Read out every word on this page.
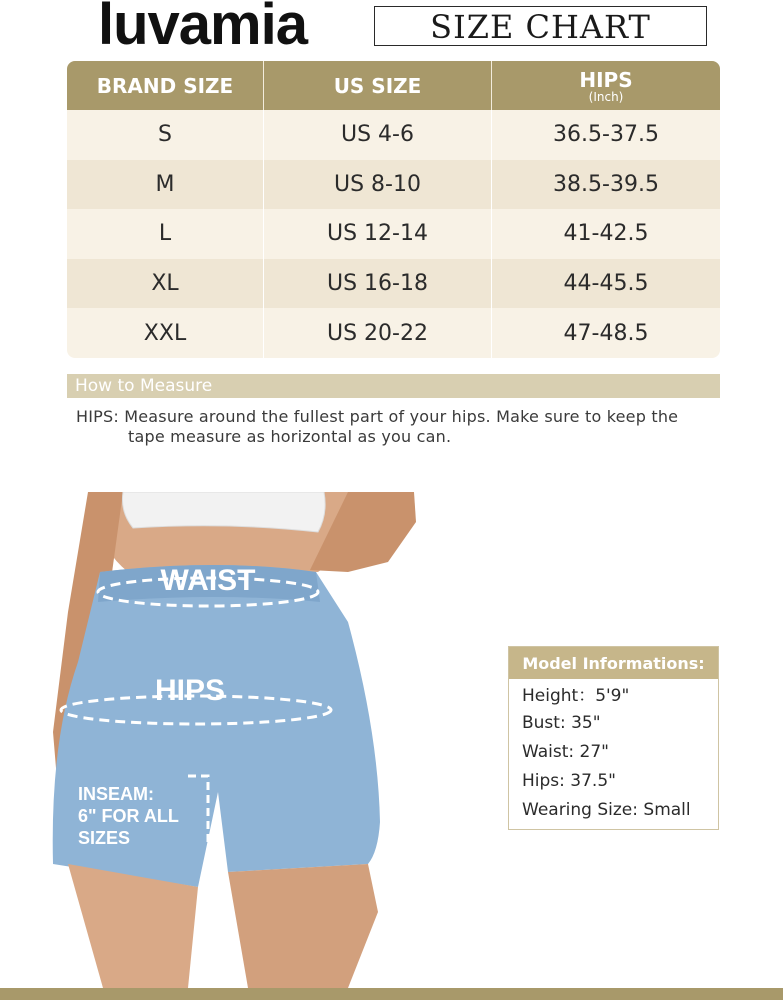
luvamia	SIZE CHART
BRAND SIZE	US SIZE	HIPS
(Inch)
S	US 4-6	36.5-37.5
M	US 8-10	38.5-39.5
L	US 12-14	41-42.5
XL	US 16-18	44-45.5
XXL	US 20-22	47-48.5
How to Measure
HIPS: Measure around the fullest part of your hips. Make sure to keep the
tape measure as horizontal as you can.
WAIST
HIPS
INSEAM:
6" FOR ALL
SIZES
Model Informations:
Height：5'9"
Bust: 35"
Waist: 27"
Hips: 37.5"
Wearing Size: Small
